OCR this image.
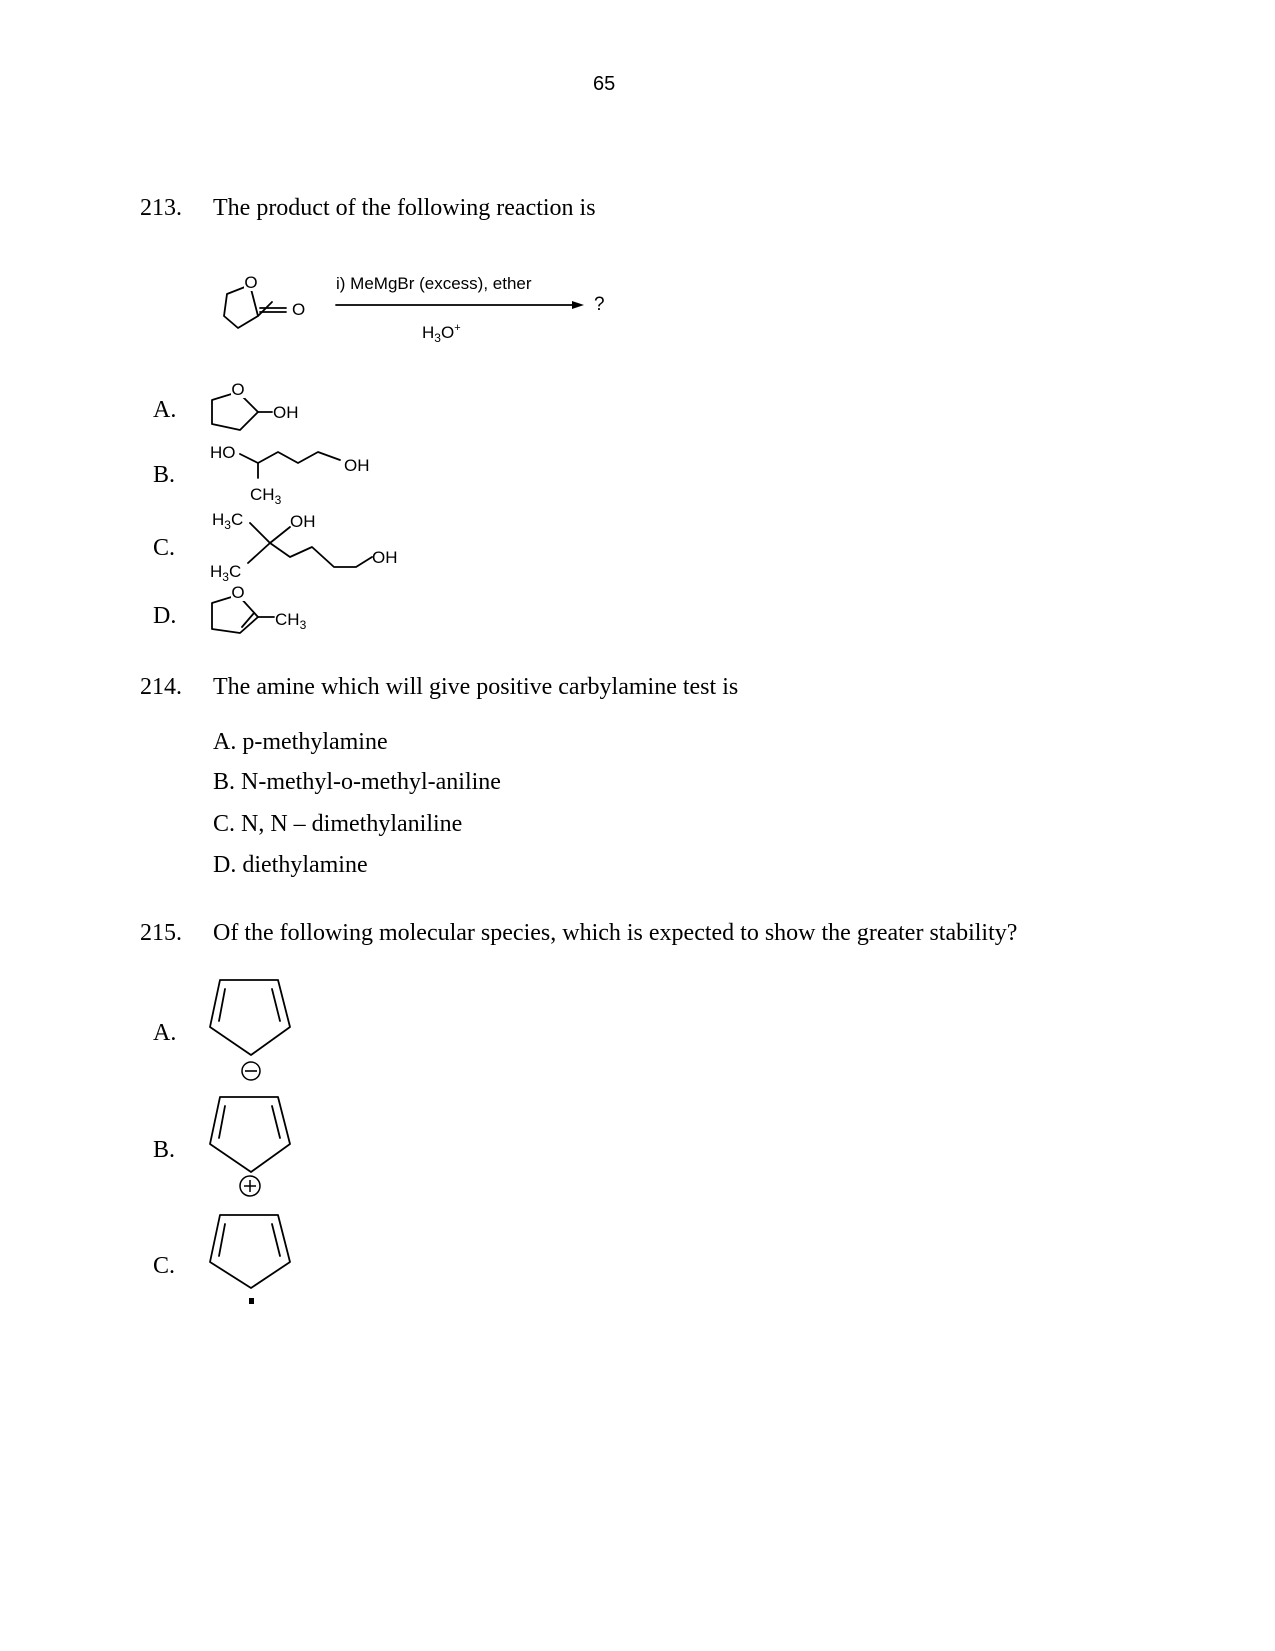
65
213. The product of the following reaction is
O
O
i) MeMgBr (excess), ether
$H_3O^+$
?
A.
B.
C.
D.
O
OH
HO
OH
$CH_3$
$H_3C$	OH
$H_3C$
OH
O
$CH_3$
214. The amine which will give positive carbylamine test is
A. p-methylamine
B. N-methyl-o-methyl-aniline
C. N, N – dimethylaniline
D. diethylamine
215. Of the following molecular species, which is expected to show the greater stability?
A.
B.
C.
